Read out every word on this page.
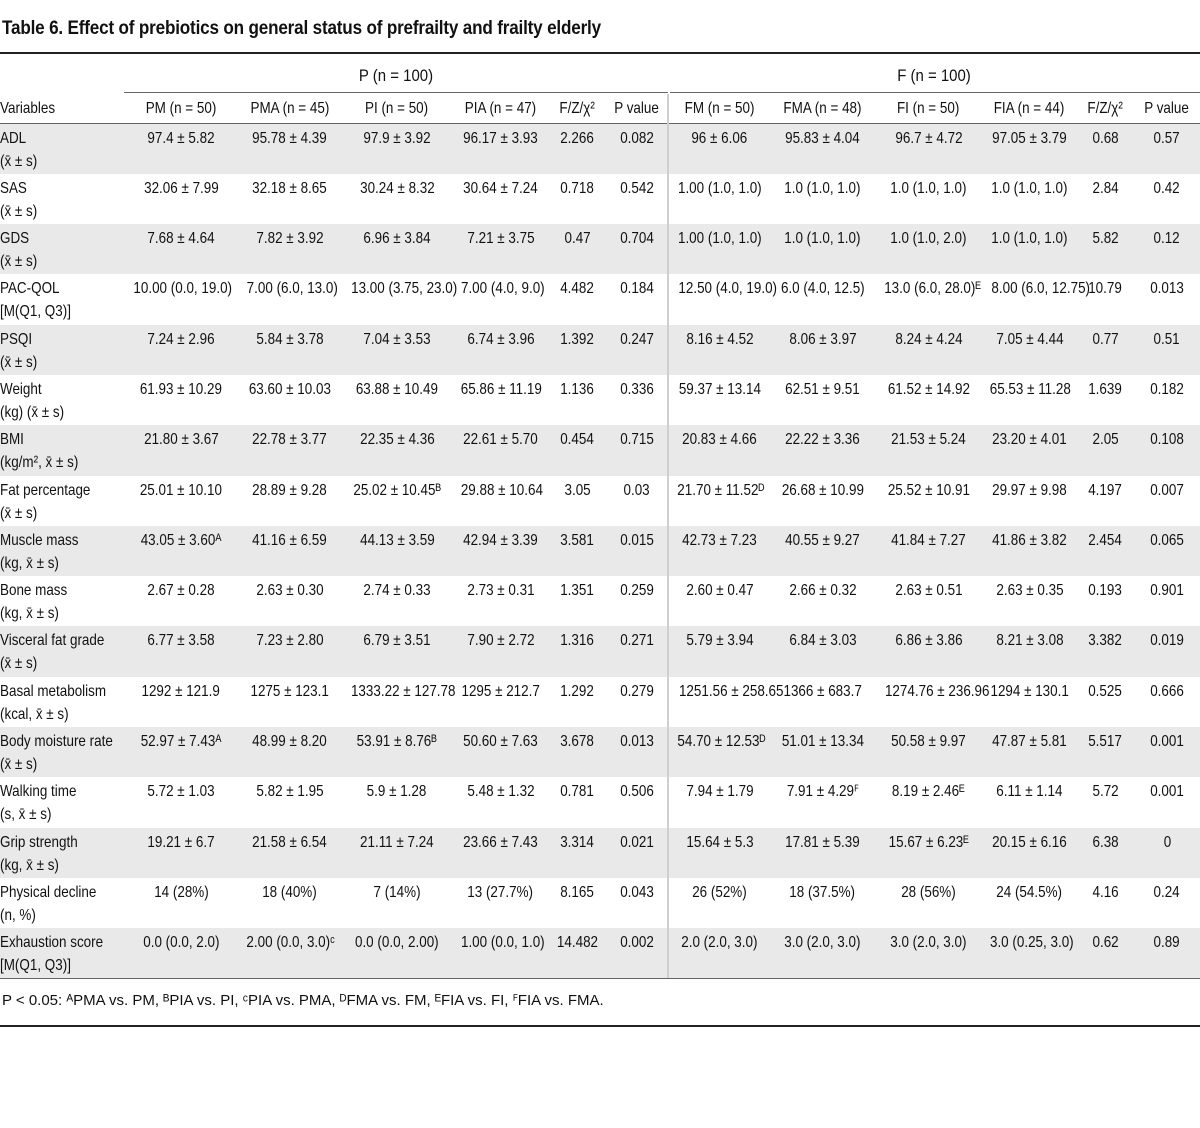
Table 6. Effect of prebiotics on general status of prefrailty and frailty elderly
P (n = 100)	F (n = 100)
Variables	PM (n = 50)	PMA (n = 45)	PI (n = 50)	PIA (n = 47)	F/Z/χ²	P value	FM (n = 50)	FMA (n = 48)	FI (n = 50)	FIA (n = 44)	F/Z/χ²	P value
ADL
(x̄ ± s)	97.4 ± 5.82	95.78 ± 4.39	97.9 ± 3.92	96.17 ± 3.93	2.266	0.082	96 ± 6.06	95.83 ± 4.04	96.7 ± 4.72	97.05 ± 3.79	0.68	0.57
SAS
(x̄ ± s)	32.06 ± 7.99	32.18 ± 8.65	30.24 ± 8.32	30.64 ± 7.24	0.718	0.542	1.00 (1.0, 1.0)	1.0 (1.0, 1.0)	1.0 (1.0, 1.0)	1.0 (1.0, 1.0)	2.84	0.42
GDS
(x̄ ± s)	7.68 ± 4.64	7.82 ± 3.92	6.96 ± 3.84	7.21 ± 3.75	0.47	0.704	1.00 (1.0, 1.0)	1.0 (1.0, 1.0)	1.0 (1.0, 2.0)	1.0 (1.0, 1.0)	5.82	0.12
PAC-QOL
[M(Q1, Q3)]	10.00 (0.0, 19.0)	7.00 (6.0, 13.0)	13.00 (3.75, 23.0)	7.00 (4.0, 9.0)	4.482	0.184	12.50 (4.0, 19.0)	6.0 (4.0, 12.5)	13.0 (6.0, 28.0)ᴱ	8.00 (6.0, 12.75)	10.79	0.013
PSQI
(x̄ ± s)	7.24 ± 2.96	5.84 ± 3.78	7.04 ± 3.53	6.74 ± 3.96	1.392	0.247	8.16 ± 4.52	8.06 ± 3.97	8.24 ± 4.24	7.05 ± 4.44	0.77	0.51
Weight
(kg) (x̄ ± s)	61.93 ± 10.29	63.60 ± 10.03	63.88 ± 10.49	65.86 ± 11.19	1.136	0.336	59.37 ± 13.14	62.51 ± 9.51	61.52 ± 14.92	65.53 ± 11.28	1.639	0.182
BMI
(kg/m², x̄ ± s)	21.80 ± 3.67	22.78 ± 3.77	22.35 ± 4.36	22.61 ± 5.70	0.454	0.715	20.83 ± 4.66	22.22 ± 3.36	21.53 ± 5.24	23.20 ± 4.01	2.05	0.108
Fat percentage
(x̄ ± s)	25.01 ± 10.10	28.89 ± 9.28	25.02 ± 10.45ᴮ	29.88 ± 10.64	3.05	0.03	21.70 ± 11.52ᴰ	26.68 ± 10.99	25.52 ± 10.91	29.97 ± 9.98	4.197	0.007
Muscle mass
(kg, x̄ ± s)	43.05 ± 3.60ᴬ	41.16 ± 6.59	44.13 ± 3.59	42.94 ± 3.39	3.581	0.015	42.73 ± 7.23	40.55 ± 9.27	41.84 ± 7.27	41.86 ± 3.82	2.454	0.065
Bone mass
(kg, x̄ ± s)	2.67 ± 0.28	2.63 ± 0.30	2.74 ± 0.33	2.73 ± 0.31	1.351	0.259	2.60 ± 0.47	2.66 ± 0.32	2.63 ± 0.51	2.63 ± 0.35	0.193	0.901
Visceral fat grade
(x̄ ± s)	6.77 ± 3.58	7.23 ± 2.80	6.79 ± 3.51	7.90 ± 2.72	1.316	0.271	5.79 ± 3.94	6.84 ± 3.03	6.86 ± 3.86	8.21 ± 3.08	3.382	0.019
Basal metabolism
(kcal, x̄ ± s)	1292 ± 121.9	1275 ± 123.1	1333.22 ± 127.78	1295 ± 212.7	1.292	0.279	1251.56 ± 258.65	1366 ± 683.7	1274.76 ± 236.96	1294 ± 130.1	0.525	0.666
Body moisture rate
(x̄ ± s)	52.97 ± 7.43ᴬ	48.99 ± 8.20	53.91 ± 8.76ᴮ	50.60 ± 7.63	3.678	0.013	54.70 ± 12.53ᴰ	51.01 ± 13.34	50.58 ± 9.97	47.87 ± 5.81	5.517	0.001
Walking time
(s, x̄ ± s)	5.72 ± 1.03	5.82 ± 1.95	5.9 ± 1.28	5.48 ± 1.32	0.781	0.506	7.94 ± 1.79	7.91 ± 4.29ꟳ	8.19 ± 2.46ᴱ	6.11 ± 1.14	5.72	0.001
Grip strength
(kg, x̄ ± s)	19.21 ± 6.7	21.58 ± 6.54	21.11 ± 7.24	23.66 ± 7.43	3.314	0.021	15.64 ± 5.3	17.81 ± 5.39	15.67 ± 6.23ᴱ	20.15 ± 6.16	6.38	0
Physical decline
(n, %)	14 (28%)	18 (40%)	7 (14%)	13 (27.7%)	8.165	0.043	26 (52%)	18 (37.5%)	28 (56%)	24 (54.5%)	4.16	0.24
Exhaustion score
[M(Q1, Q3)]	0.0 (0.0, 2.0)	2.00 (0.0, 3.0)ᶜ	0.0 (0.0, 2.00)	1.00 (0.0, 1.0)	14.482	0.002	2.0 (2.0, 3.0)	3.0 (2.0, 3.0)	3.0 (2.0, 3.0)	3.0 (0.25, 3.0)	0.62	0.89
P < 0.05: ᴬPMA vs. PM, ᴮPIA vs. PI, ᶜPIA vs. PMA, ᴰFMA vs. FM, ᴱFIA vs. FI, ꟳFIA vs. FMA.
